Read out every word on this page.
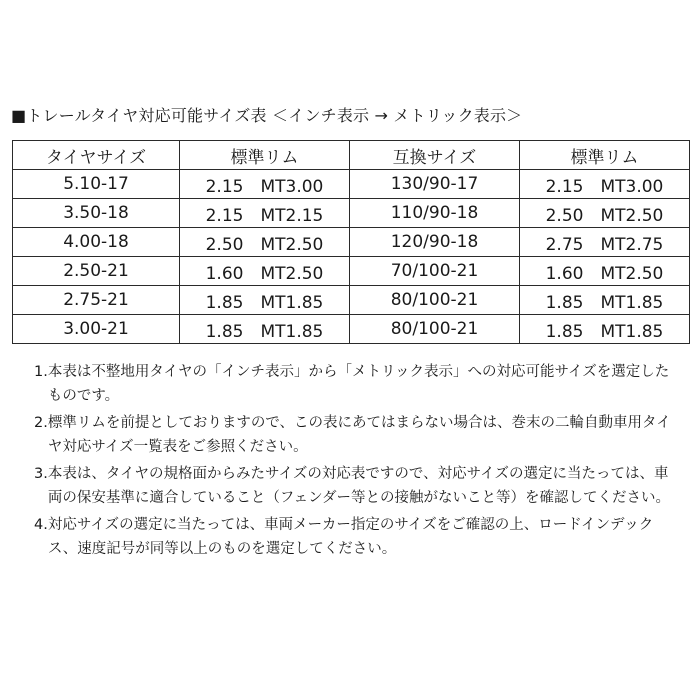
■トレールタイヤ対応可能サイズ表 ＜インチ表示 → メトリック表示＞
タイヤサイズ	標準リム	互換サイズ	標準リム
5.10-17	2.15　MT3.00	130/90-17	2.15　MT3.00
3.50-18	2.15　MT2.15	110/90-18	2.50　MT2.50
4.00-18	2.50　MT2.50	120/90-18	2.75　MT2.75
2.50-21	1.60　MT2.50	70/100-21	1.60　MT2.50
2.75-21	1.85　MT1.85	80/100-21	1.85　MT1.85
3.00-21	1.85　MT1.85	80/100-21	1.85　MT1.85
1. 本表は不整地用タイヤの「インチ表示」から「メトリック表示」への対応可能サイズを選定したものです。
2. 標準リムを前提としておりますので、この表にあてはまらない場合は、巻末の二輪自動車用タイヤ対応サイズ一覧表をご参照ください。
3. 本表は、タイヤの規格面からみたサイズの対応表ですので、対応サイズの選定に当たっては、車両の保安基準に適合していること（フェンダー等との接触がないこと等）を確認してください。
4. 対応サイズの選定に当たっては、車両メーカー指定のサイズをご確認の上、ロードインデックス、速度記号が同等以上のものを選定してください。
